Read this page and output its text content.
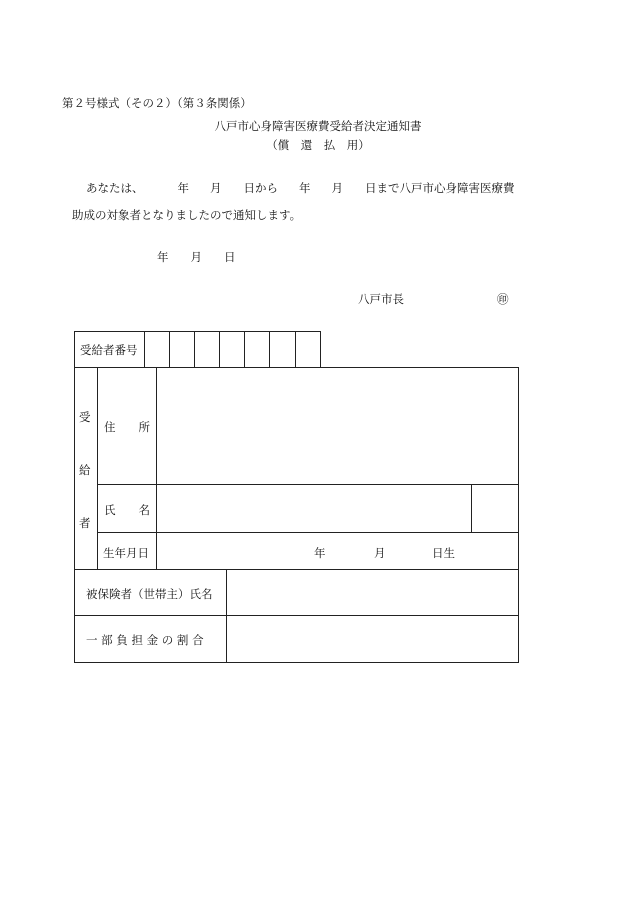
第２号様式（その２）（第３条関係）
八戸市心身障害医療費受給者決定通知書
（償　還　払　用）
あなたは、	年 月 日から 年 月 日まで八戸市心身障害医療費
助成の対象者となりましたので通知します。
年 月 日
八戸市長	㊞
受給者番号
受
給
者
住　　所
氏　　名
生年月日	年	月	日生
被保険者（世帯主）氏名
一 部 負 担 金 の 割 合
